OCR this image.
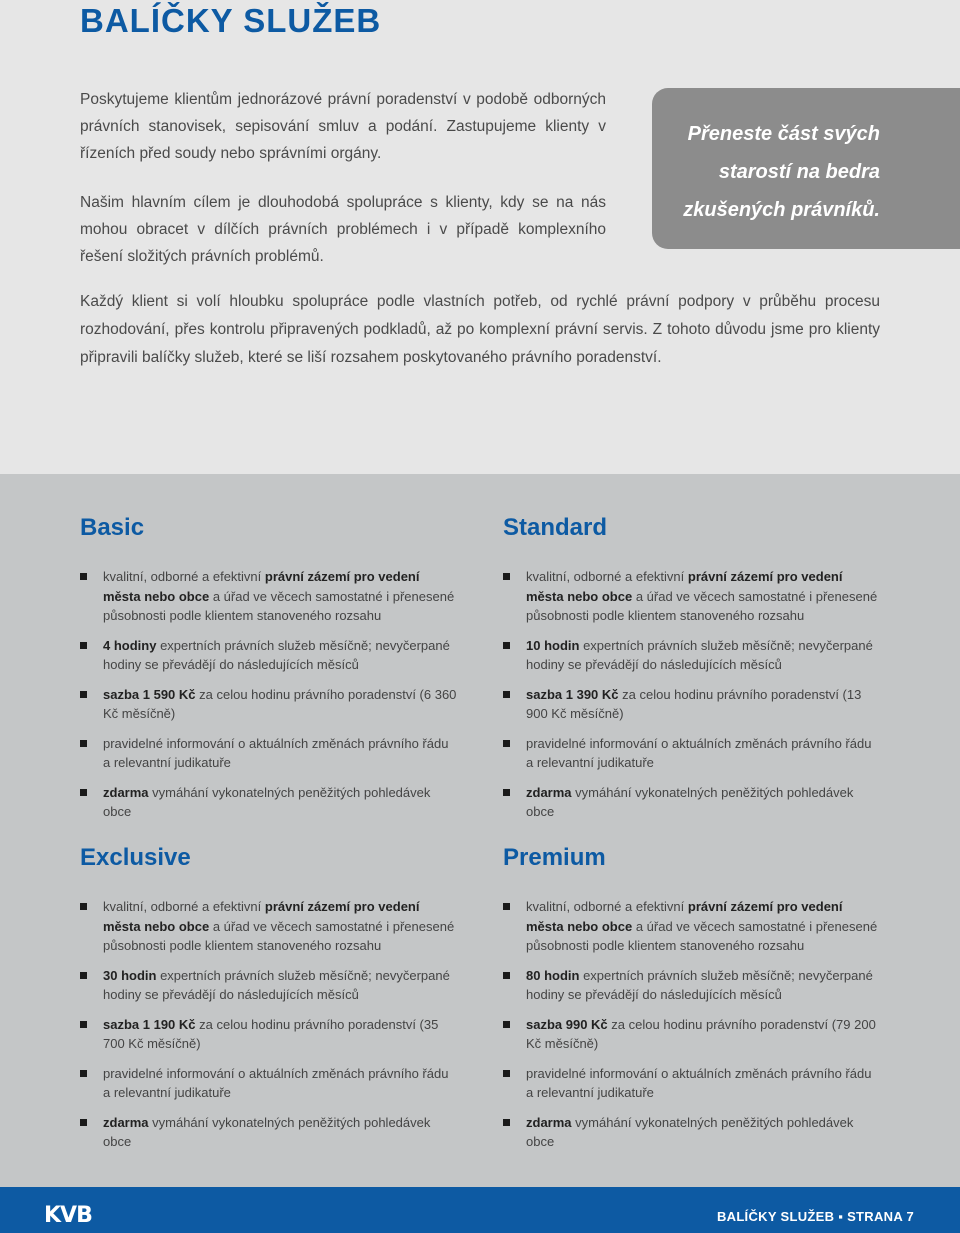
BALÍČKY SLUŽEB

Poskytujeme klientům jednorázové právní poradenství v podobě odborných právních stanovisek, sepisování smluv a podání. Zastupujeme klienty v řízeních před soudy nebo správními orgány.

Našim hlavním cílem je dlouhodobá spolupráce s klienty, kdy se na nás mohou obracet v dílčích právních problémech i v případě komplexního řešení složitých právních problémů.

Přeneste část svých starostí na bedra zkušených právníků.

Každý klient si volí hloubku spolupráce podle vlastních potřeb, od rychlé právní podpory v průběhu procesu rozhodování, přes kontrolu připravených podkladů, až po komplexní právní servis. Z tohoto důvodu jsme pro klienty připravili balíčky služeb, které se liší rozsahem poskytovaného právního poradenství.

Basic
kvalitní, odborné a efektivní právní zázemí pro vedení města nebo obce a úřad ve věcech samostatné i přenesené působnosti podle klientem stanoveného rozsahu
4 hodiny expertních právních služeb měsíčně; nevyčerpané hodiny se převádějí do následujících měsíců
sazba 1 590 Kč za celou hodinu právního poradenství (6 360 Kč měsíčně)
pravidelné informování o aktuálních změnách právního řádu a relevantní judikatuře
zdarma vymáhání vykonatelných peněžitých pohledávek obce
Standard
kvalitní, odborné a efektivní právní zázemí pro vedení města nebo obce a úřad ve věcech samostatné i přenesené působnosti podle klientem stanoveného rozsahu
10 hodin expertních právních služeb měsíčně; nevyčerpané hodiny se převádějí do následujících měsíců
sazba 1 390 Kč za celou hodinu právního poradenství (13 900 Kč měsíčně)
pravidelné informování o aktuálních změnách právního řádu a relevantní judikatuře
zdarma vymáhání vykonatelných peněžitých pohledávek obce
Exclusive
kvalitní, odborné a efektivní právní zázemí pro vedení města nebo obce a úřad ve věcech samostatné i přenesené působnosti podle klientem stanoveného rozsahu
30 hodin expertních právních služeb měsíčně; nevyčerpané hodiny se převádějí do následujících měsíců
sazba 1 190 Kč za celou hodinu právního poradenství (35 700 Kč měsíčně)
pravidelné informování o aktuálních změnách právního řádu a relevantní judikatuře
zdarma vymáhání vykonatelných peněžitých pohledávek obce
Premium
kvalitní, odborné a efektivní právní zázemí pro vedení města nebo obce a úřad ve věcech samostatné i přenesené působnosti podle klientem stanoveného rozsahu
80 hodin expertních právních služeb měsíčně; nevyčerpané hodiny se převádějí do následujících měsíců
sazba 990 Kč za celou hodinu právního poradenství (79 200 Kč měsíčně)
pravidelné informování o aktuálních změnách právního řádu a relevantní judikatuře
zdarma vymáhání vykonatelných peněžitých pohledávek obce
KVB	BALÍČKY SLUŽEB ▪ STRANA 7
